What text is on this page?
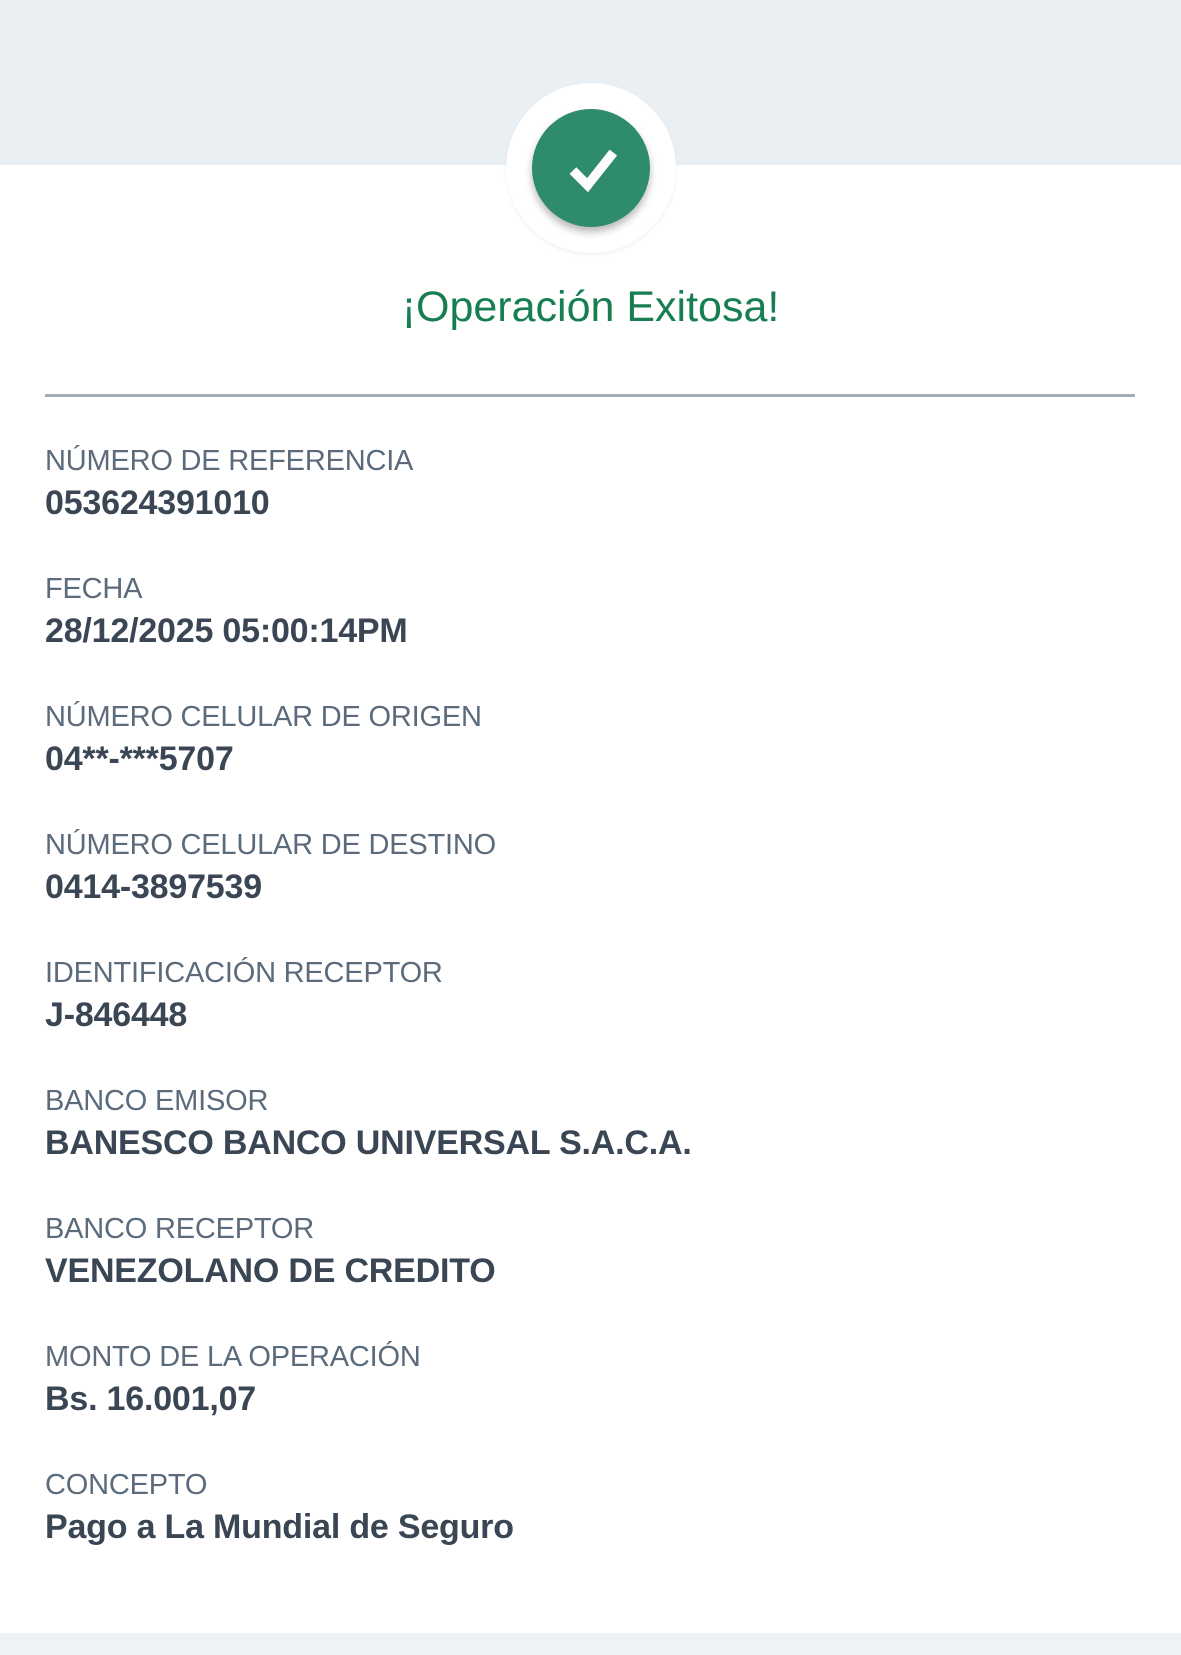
¡Operación Exitosa!
NÚMERO DE REFERENCIA
053624391010
FECHA
28/12/2025 05:00:14PM
NÚMERO CELULAR DE ORIGEN
04**-***5707
NÚMERO CELULAR DE DESTINO
0414-3897539
IDENTIFICACIÓN RECEPTOR
J-846448
BANCO EMISOR
BANESCO BANCO UNIVERSAL S.A.C.A.
BANCO RECEPTOR
VENEZOLANO DE CREDITO
MONTO DE LA OPERACIÓN
Bs. 16.001,07
CONCEPTO
Pago a La Mundial de Seguro
